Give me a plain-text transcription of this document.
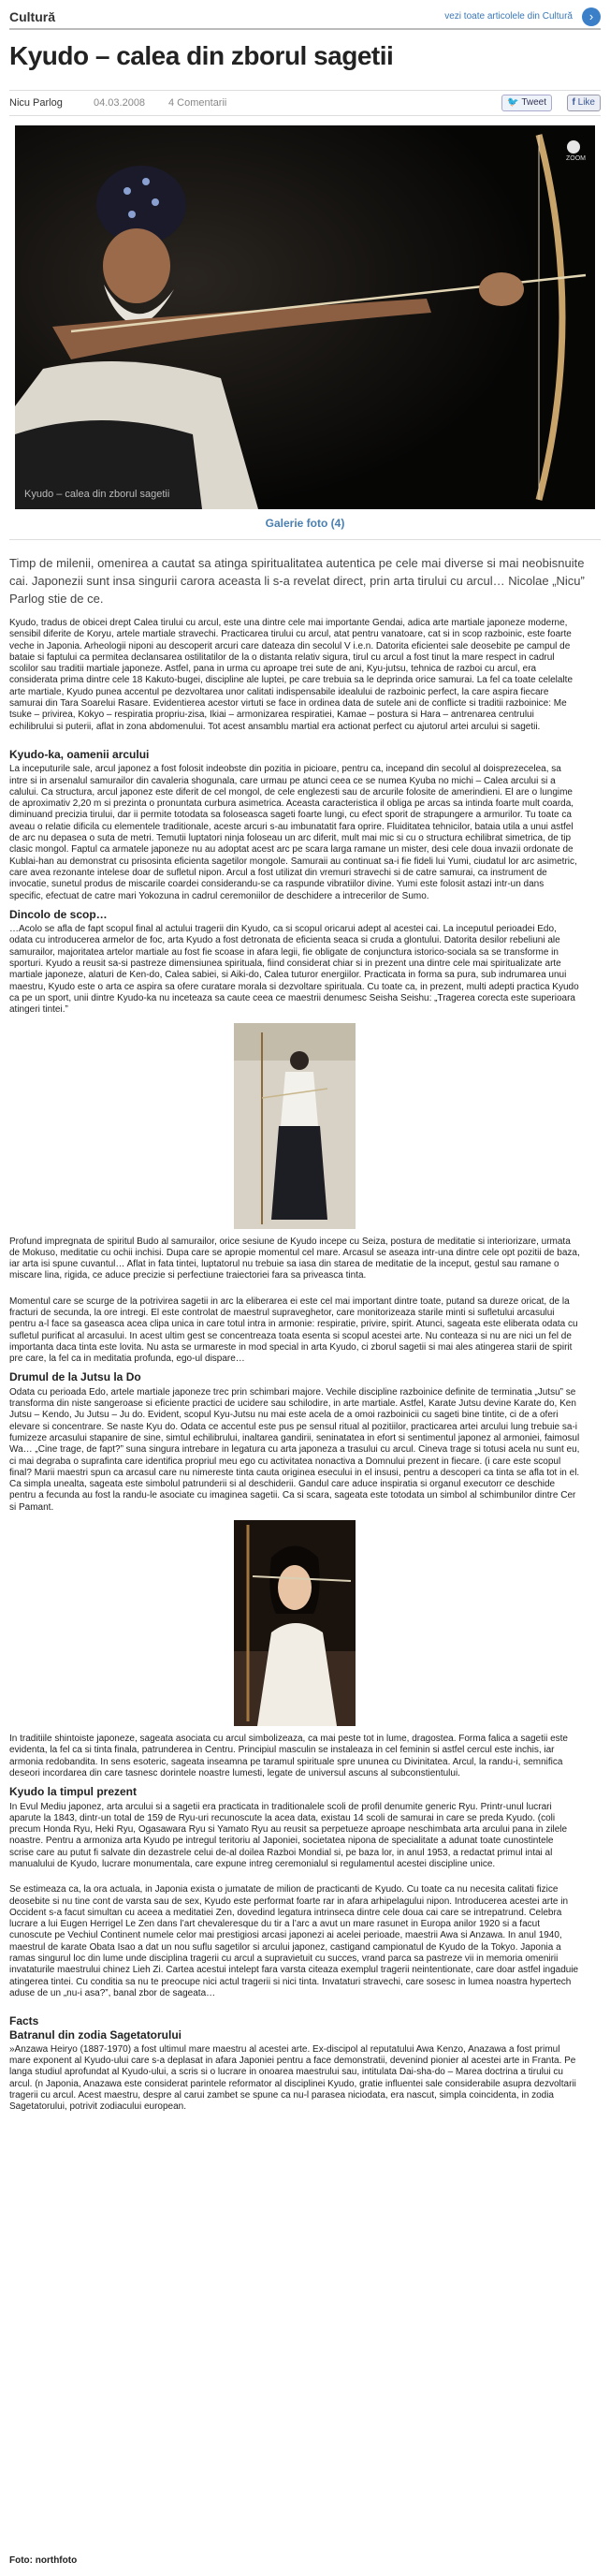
Cultură	vezi toate articolele din Cultură	›
Kyudo – calea din zborul sagetii
Nicu Parlog	04.03.2008 4 Comentarii	🐦 Tweet	f Like
ZOOM
Kyudo – calea din zborul sagetii
Galerie foto (4)

Timp de milenii, omenirea a cautat sa atinga spiritualitatea autentica pe cele mai diverse si mai neobisnuite cai. Japonezii sunt insa singurii carora aceasta li s-a revelat direct, prin arta tirului cu arcul… Nicolae „Nicu” Parlog stie de ce.

Kyudo, tradus de obicei drept Calea tirului cu arcul, este una dintre cele mai importante Gendai, adica arte martiale japoneze moderne, sensibil diferite de Koryu, artele martiale stravechi. Practicarea tirului cu arcul, atat pentru vanatoare, cat si in scop razboinic, este foarte veche in Japonia. Arheologii niponi au descoperit arcuri care dateaza din secolul V i.e.n. Datorita eficientei sale deosebite pe campul de bataie si faptului ca permitea declansarea ostilitatilor de la o distanta relativ sigura, tirul cu arcul a fost tinut la mare respect in cadrul scolilor sau traditii martiale japoneze. Astfel, pana in urma cu aproape trei sute de ani, Kyu-jutsu, tehnica de razboi cu arcul, era considerata prima dintre cele 18 Kakuto-bugei, discipline ale luptei, pe care trebuia sa le deprinda orice samurai. La fel ca toate celelalte arte martiale, Kyudo punea accentul pe dezvoltarea unor calitati indispensabile idealului de razboinic perfect, la care aspira fiecare samurai din Tara Soarelui Rasare. Evidentierea acestor virtuti se face in ordinea data de sutele ani de conflicte si traditii razboinice: Me tsuke – privirea, Kokyo – respiratia propriu-zisa, Ikiai – armonizarea respiratiei, Kamae – postura si Hara – antrenarea centrului echilibrului si puterii, aflat in zona abdomenului. Tot acest ansamblu martial era actionat perfect cu ajutorul artei arcului si sagetii.

Kyudo-ka, oamenii arcului

La inceputurile sale, arcul japonez a fost folosit indeobste din pozitia in picioare, pentru ca, incepand din secolul al doisprezecelea, sa intre si in arsenalul samurailor din cavaleria shogunala, care urmau pe atunci ceea ce se numea Kyuba no michi – Calea arcului si a calului. Ca structura, arcul japonez este diferit de cel mongol, de cele englezesti sau de arcurile folosite de amerindieni. El are o lungime de aproximativ 2,20 m si prezinta o pronuntata curbura asimetrica. Aceasta caracteristica il obliga pe arcas sa intinda foarte mult coarda, diminuand precizia tirului, dar ii permite totodata sa foloseasca sageti foarte lungi, cu efect sporit de strapungere a armurilor. Tu toate ca aveau o relatie dificila cu elementele traditionale, aceste arcuri s-au imbunatatit fara oprire. Fluiditatea tehnicilor, bataia utila a unui astfel de arc nu depasea o suta de metri. Temutii luptatori ninja foloseau un arc diferit, mult mai mic si cu o structura echilibrat simetrica, de tip clasic mongol. Faptul ca armatele japoneze nu au adoptat acest arc pe scara larga ramane un mister, desi cele doua invazii ordonate de Kublai-han au demonstrat cu prisosinta eficienta sagetilor mongole. Samuraii au continuat sa-i fie fideli lui Yumi, ciudatul lor arc asimetric, care avea rezonante intelese doar de sufletul nipon. Arcul a fost utilizat din vremuri stravechi si de catre samurai, ca instrument de invocatie, sunetul produs de miscarile coardei considerandu-se ca raspunde vibratiilor divine. Yumi este folosit astazi intr-un dans specific, efectuat de catre mari Yokozuna in cadrul ceremoniilor de deschidere a intrecerilor de Sumo.

Dincolo de scop…

…Acolo se afla de fapt scopul final al actului tragerii din Kyudo, ca si scopul oricarui adept al acestei cai. La inceputul perioadei Edo, odata cu introducerea armelor de foc, arta Kyudo a fost detronata de eficienta seaca si cruda a glontului. Datorita desilor rebeliuni ale samurailor, majoritatea artelor martiale au fost fie scoase in afara legii, fie obligate de conjunctura istorico-sociala sa se transforme in sporturi. Kyudo a reusit sa-si pastreze dimensiunea spirituala, fiind considerat chiar si in prezent una dintre cele mai spiritualizate arte martiale japoneze, alaturi de Ken-do, Calea sabiei, si Aiki-do, Calea tuturor energiilor. Practicata in forma sa pura, sub indrumarea unui maestru, Kyudo este o arta ce aspira sa ofere curatare morala si dezvoltare spirituala. Cu toate ca, in prezent, multi adepti practica Kyudo ca pe un sport, unii dintre Kyudo-ka nu inceteaza sa caute ceea ce maestrii denumesc Seisha Seishu: „Tragerea corecta este superioara atingeri tintei.”

Profund impregnata de spiritul Budo al samurailor, orice sesiune de Kyudo incepe cu Seiza, postura de meditatie si interiorizare, urmata de Mokuso, meditatie cu ochii inchisi. Dupa care se apropie momentul cel mare. Arcasul se aseaza intr-una dintre cele opt pozitii de baza, iar arta isi spune cuvantul… Aflat in fata tintei, luptatorul nu trebuie sa iasa din starea de meditatie de la inceput, gestul sau ramane o miscare lina, rigida, ce aduce precizie si perfectiune traiectoriei fara sa priveasca tinta.

Momentul care se scurge de la potrivirea sagetii in arc la eliberarea ei este cel mai important dintre toate, putand sa dureze oricat, de la fracturi de secunda, la ore intregi. El este controlat de maestrul supraveghetor, care monitorizeaza starile minti si sufletului arcasului pentru a-l face sa gaseasca acea clipa unica in care totul intra in armonie: respiratie, privire, spirit. Atunci, sageata este eliberata odata cu sufletul purificat al arcasului. In acest ultim gest se concentreaza toata esenta si scopul acestei arte. Nu conteaza si nu are nici un fel de importanta daca tinta este lovita. Nu asta se urmareste in mod special in arta Kyudo, ci zborul sagetii si mai ales atingerea starii de spirit pre care, la fel ca in meditatia profunda, ego-ul dispare…

Drumul de la Jutsu la Do

Odata cu perioada Edo, artele martiale japoneze trec prin schimbari majore. Vechile discipline razboinice definite de terminatia „Jutsu” se transforma din niste sangeroase si eficiente practici de ucidere sau schilodire, in arte martiale. Astfel, Karate Jutsu devine Karate do, Ken Jutsu – Kendo, Ju Jutsu – Ju do. Evident, scopul Kyu-Jutsu nu mai este acela de a omoi razboinicii cu sageti bine tintite, ci de a oferi elevare si concentrare. Se naste Kyu do. Odata ce accentul este pus pe sensul ritual al pozitiilor, practicarea artei arcului lung trebuie sa-i fumizeze arcasului stapanire de sine, simtul echilibrului, inaltarea gandirii, seninatatea in efort si sentimentul japonez al armoniei, faimosul Wa… „Cine trage, de fapt?” suna singura intrebare in legatura cu arta japoneza a trasului cu arcul. Cineva trage si totusi acela nu sunt eu, ci mai degraba o suprafinta care identifica propriul meu ego cu activitatea nonactiva a Domnului prezent in fiecare. (i care este scopul final? Marii maestri spun ca arcasul care nu nimereste tinta cauta originea esecului in el insusi, pentru a descoperi ca tinta se afla tot in el. Ca simpla unealta, sageata este simbolul patrunderii si al deschiderii. Gandul care aduce inspiratia si organul executorr ce deschide pentru a fecunda au fost la randu-le asociate cu imaginea sagetii. Ca si scara, sageata este totodata un simbol al schimbunilor dintre Cer si Pamant.

In traditiile shintoiste japoneze, sageata asociata cu arcul simbolizeaza, ca mai peste tot in lume, dragostea. Forma falica a sagetii este evidenta, la fel ca si tinta finala, patrunderea in Centru. Principiul masculin se instaleaza in cel feminin si astfel cercul este inchis, iar armonia redobandita. In sens esoteric, sageata inseamna pe taramul spirituale spre ununea cu Divinitatea. Arcul, la randu-i, semnifica deseori incordarea din care tasnesc dorintele noastre lumesti, legate de universul ascuns al subconstientului.

Kyudo la timpul prezent

In Evul Mediu japonez, arta arcului si a sagetii era practicata in traditionalele scoli de profil denumite generic Ryu. Printr-unul lucrari aparute la 1843, dintr-un total de 159 de Ryu-uri recunoscute la acea data, existau 14 scoli de samurai in care se preda Kyudo. (coli precum Honda Ryu, Heki Ryu, Ogasawara Ryu si Yamato Ryu au reusit sa perpetueze aproape neschimbata arta arcului pana in zilele noastre. Pentru a armoniza arta Kyudo pe intregul teritoriu al Japoniei, societatea nipona de specialitate a adunat toate cunostintele scrise care au putut fi salvate din dezastrele celui de-al doilea Razboi Mondial si, pe baza lor, in anul 1953, a redactat primul intai al manualului de Kyudo, lucrare monumentala, care expune intreg ceremonialul si regulamentul acestei discipline unice.

Se estimeaza ca, la ora actuala, in Japonia exista o jumatate de milion de practicanti de Kyudo. Cu toate ca nu necesita calitati fizice deosebite si nu tine cont de varsta sau de sex, Kyudo este performat foarte rar in afara arhipelagului nipon. Introducerea acestei arte in Occident s-a facut simultan cu aceea a meditatiei Zen, dovedind legatura intrinseca dintre cele doua cai care se intrepatrund. Celebra lucrare a lui Eugen Herrigel Le Zen dans l’art chevaleresque du tir a l’arc a avut un mare rasunet in Europa anilor 1920 si a facut cunoscute pe Vechiul Continent numele celor mai prestigiosi arcasi japonezi ai acelei perioade, maestrii Awa si Anzawa. In anul 1940, maestrul de karate Obata Isao a dat un nou suflu sagetilor si arcului japonez, castigand campionatul de Kyudo de la Tokyo. Japonia a ramas singurul loc din lume unde disciplina tragerii cu arcul a supravietuit cu succes, vrand parca sa pastreze vii in memoria omenirii invataturile maestrului chinez Lieh Zi. Cartea acestui intelept fara varsta citeaza exemplul tragerii neintentionate, care doar astfel ingaduie atingerea tintei. Cu conditia sa nu te preocupe nici actul tragerii si nici tinta. Invataturi stravechi, care sosesc in lumea noastra hypertech aduse de un „nu-i asa?”, banal zbor de sageata…

Facts
Batranul din zodia Sagetatorului

»Anzawa Heiryo (1887-1970) a fost ultimul mare maestru al acestei arte. Ex-discipol al reputatului Awa Kenzo, Anazawa a fost primul mare exponent al Kyudo-ului care s-a deplasat in afara Japoniei pentru a face demonstratii, devenind pionier al acestei arte in Franta. Pe langa studiul aprofundat al Kyudo-ului, a scris si o lucrare in onoarea maestrului sau, intitulata Dai-sha-do – Marea doctrina a tirului cu arcul. (n Japonia, Anazawa este considerat parintele reformator al disciplinei Kyudo, gratie influentei sale considerabile asupra dezvoltarii tragerii cu arcul. Acest maestru, despre al carui zambet se spune ca nu-l parasea niciodata, era nascut, simpla coincidenta, in zodia Sagetatorului, potrivit zodiacului european.

Foto: northfoto
